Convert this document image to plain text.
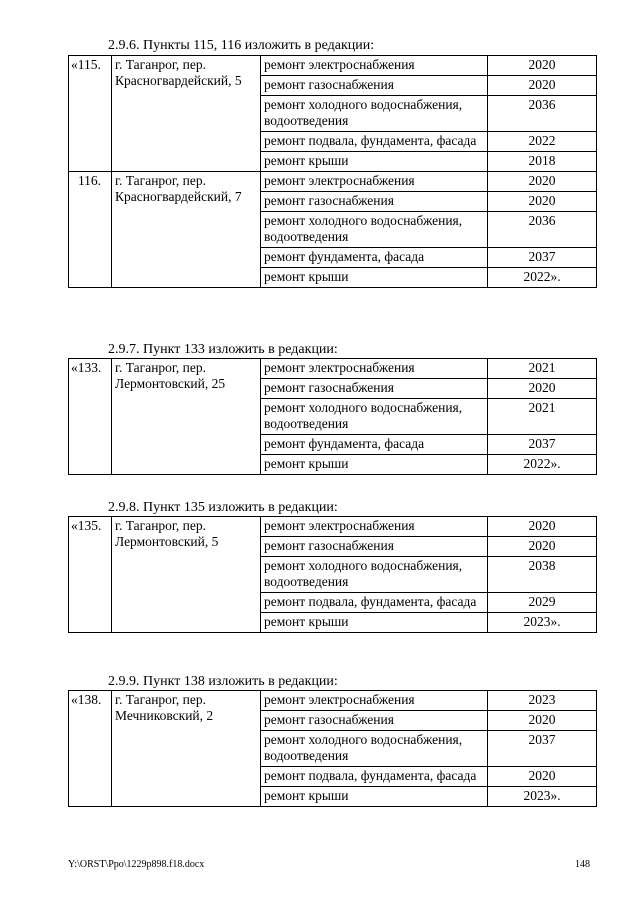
2.9.6. Пункты 115, 116 изложить в редакции:
«115.	г. Таганрог, пер. Красногвардейский, 5	ремонт электроснабжения	2020
		ремонт газоснабжения	2020
		ремонт холодного водоснабжения, водоотведения	2036
		ремонт подвала, фундамента, фасада	2022
		ремонт крыши	2018
116.	г. Таганрог, пер. Красногвардейский, 7	ремонт электроснабжения	2020
		ремонт газоснабжения	2020
		ремонт холодного водоснабжения, водоотведения	2036
		ремонт фундамента, фасада	2037
		ремонт крыши	2022».
2.9.7. Пункт 133 изложить в редакции:
«133.	г. Таганрог, пер. Лермонтовский, 25	ремонт электроснабжения	2021
		ремонт газоснабжения	2020
		ремонт холодного водоснабжения, водоотведения	2021
		ремонт фундамента, фасада	2037
		ремонт крыши	2022».
2.9.8. Пункт 135 изложить в редакции:
«135.	г. Таганрог, пер. Лермонтовский, 5	ремонт электроснабжения	2020
		ремонт газоснабжения	2020
		ремонт холодного водоснабжения, водоотведения	2038
		ремонт подвала, фундамента, фасада	2029
		ремонт крыши	2023».
2.9.9. Пункт 138 изложить в редакции:
«138.	г. Таганрог, пер. Мечниковский, 2	ремонт электроснабжения	2023
		ремонт газоснабжения	2020
		ремонт холодного водоснабжения, водоотведения	2037
		ремонт подвала, фундамента, фасада	2020
		ремонт крыши	2023».
Y:\ORST\Ppo\1229p898.f18.docx	148
